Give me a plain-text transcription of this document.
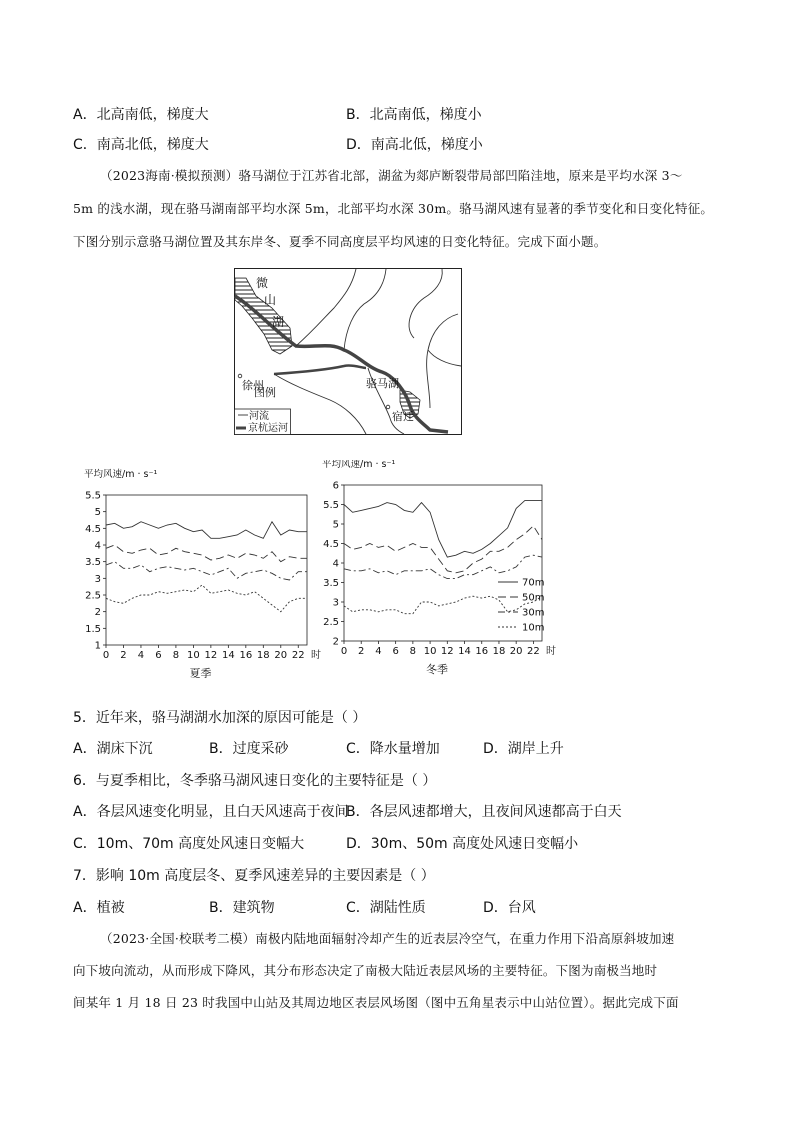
A．北高南低，梯度大	B．北高南低，梯度小
C．南高北低，梯度大	D．南高北低，梯度小
（2023海南·模拟预测）骆马湖位于江苏省北部，湖盆为郯庐断裂带局部凹陷洼地，原来是平均水深 3～
5m 的浅水湖，现在骆马湖南部平均水深 5m，北部平均水深 30m。骆马湖风速有显著的季节变化和日变化特征。
下图分别示意骆马湖位置及其东岸冬、夏季不同高度层平均风速的日变化特征。完成下面小题。
微
山
湖
骆马湖
徐州
宿迁
图例
河流
京杭运河
1
1.5
2
2.5
3
3.5
4
4.5
5
5.5
0 2 4 6 8 10 12 14 16 18 20 22 时
平均风速/m · s⁻¹
夏季
2
2.5
3
3.5
4
4.5
5
5.5
6
0 2 4 6 8 10 12 14 16 18 20 22 时
平均风速/m · s⁻¹
冬季
70m
50m
30m
10m
5．近年来，骆马湖湖水加深的原因可能是（ ）
A．湖床下沉	B．过度采砂	C．降水量增加	D．湖岸上升
6．与夏季相比，冬季骆马湖风速日变化的主要特征是（ ）
A．各层风速变化明显，且白天风速高于夜间
B．各层风速都增大，且夜间风速都高于白天
C．10m、70m 高度处风速日变幅大	D．30m、50m 高度处风速日变幅小
7．影响 10m 高度层冬、夏季风速差异的主要因素是（ ）
A．植被	B．建筑物	C．湖陆性质	D．台风
（2023·全国·校联考二模）南极内陆地面辐射冷却产生的近表层冷空气，在重力作用下沿高原斜坡加速
向下坡向流动，从而形成下降风，其分布形态决定了南极大陆近表层风场的主要特征。下图为南极当地时
间某年 1 月 18 日 23 时我国中山站及其周边地区表层风场图（图中五角星表示中山站位置）。据此完成下面
